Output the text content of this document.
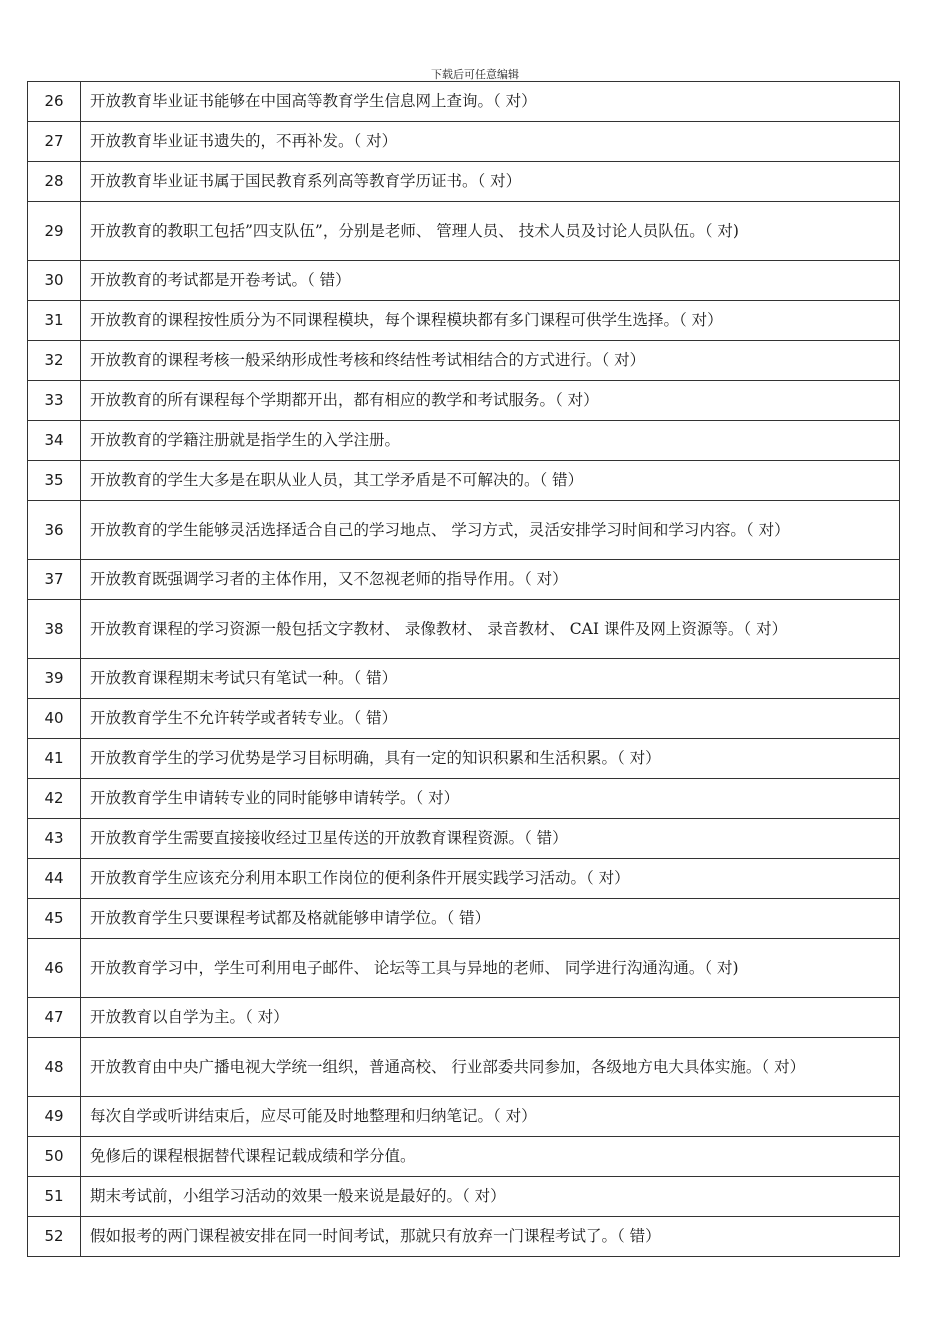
下载后可任意编辑
26	开放教育毕业证书能够在中国高等教育学生信息网上查询。（ 对）
27	开放教育毕业证书遗失的，不再补发。（ 对）
28	开放教育毕业证书属于国民教育系列高等教育学历证书。（ 对）
29	开放教育的教职工包括”四支队伍”，分别是老师、 管理人员、 技术人员及讨论人员队伍。（ 对)
30	开放教育的考试都是开卷考试。（ 错）
31	开放教育的课程按性质分为不同课程模块，每个课程模块都有多门课程可供学生选择。（ 对）
32	开放教育的课程考核一般采纳形成性考核和终结性考试相结合的方式进行。（ 对）
33	开放教育的所有课程每个学期都开出，都有相应的教学和考试服务。（ 对）
34	开放教育的学籍注册就是指学生的入学注册。
35	开放教育的学生大多是在职从业人员，其工学矛盾是不可解决的。（ 错）
36	开放教育的学生能够灵活选择适合自己的学习地点、 学习方式，灵活安排学习时间和学习内容。（ 对）
37	开放教育既强调学习者的主体作用，又不忽视老师的指导作用。（ 对）
38	开放教育课程的学习资源一般包括文字教材、 录像教材、 录音教材、 CAI 课件及网上资源等。（ 对）
39	开放教育课程期末考试只有笔试一种。（ 错）
40	开放教育学生不允许转学或者转专业。（ 错）
41	开放教育学生的学习优势是学习目标明确，具有一定的知识积累和生活积累。（ 对）
42	开放教育学生申请转专业的同时能够申请转学。（ 对）
43	开放教育学生需要直接接收经过卫星传送的开放教育课程资源。（ 错）
44	开放教育学生应该充分利用本职工作岗位的便利条件开展实践学习活动。（ 对）
45	开放教育学生只要课程考试都及格就能够申请学位。（ 错）
46	开放教育学习中，学生可利用电子邮件、 论坛等工具与异地的老师、 同学进行沟通沟通。（ 对)
47	开放教育以自学为主。（ 对）
48	开放教育由中央广播电视大学统一组织，普通高校、 行业部委共同参加，各级地方电大具体实施。（ 对）
49	每次自学或听讲结束后，应尽可能及时地整理和归纳笔记。（ 对）
50	免修后的课程根据替代课程记载成绩和学分值。
51	期末考试前，小组学习活动的效果一般来说是最好的。（ 对）
52	假如报考的两门课程被安排在同一时间考试，那就只有放弃一门课程考试了。（ 错）
